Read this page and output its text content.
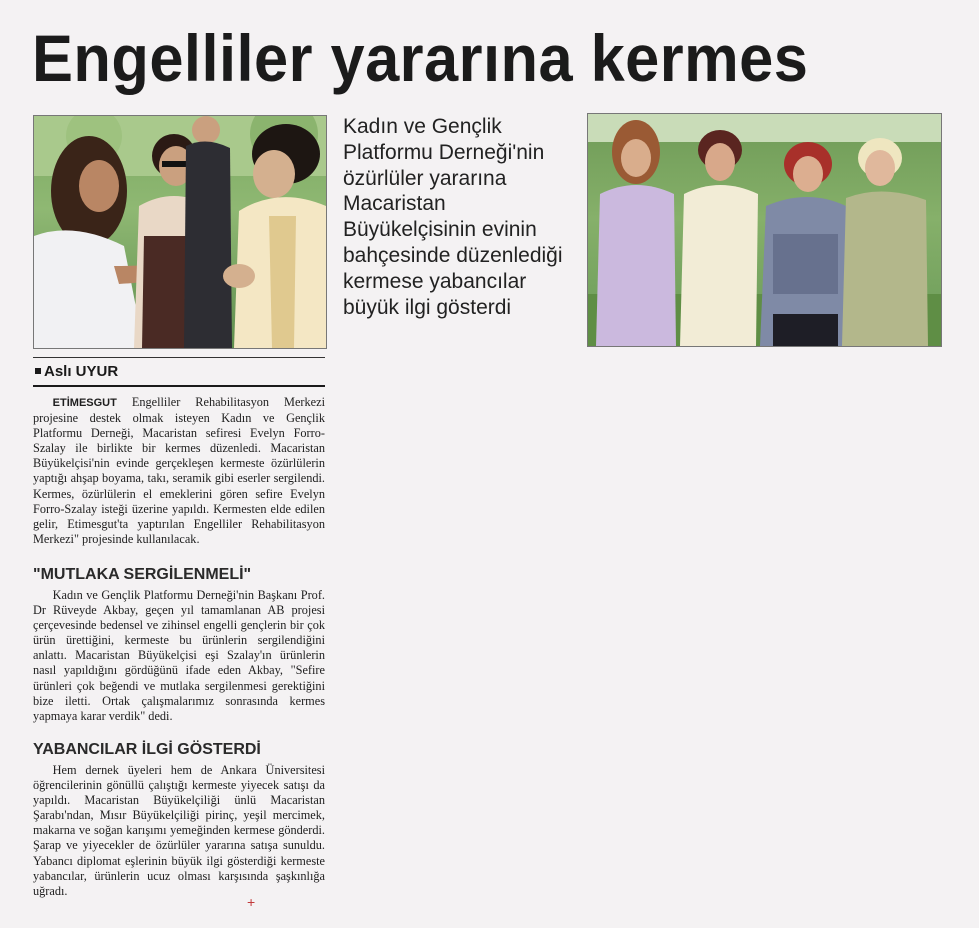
Engelliler yararına kermes
Kadın ve Gençlik
Platformu Derneği'nin
özürlüler yararına
Macaristan
Büyükelçisinin evinin
bahçesinde düzenlediği
kermese yabancılar
büyük ilgi gösterdi
Aslı UYUR
ETİMESGUT Engelliler Rehabilitasyon Merkezi projesine destek olmak isteyen Kadın ve Gençlik Platformu Derneği, Macaristan sefiresi Evelyn Forro-Szalay ile birlikte bir kermes düzenledi. Macaristan Büyükelçisi'nin evinde gerçekleşen kermeste özürlülerin yaptığı ahşap boyama, takı, seramik gibi eserler sergilendi. Kermes, özürlülerin el emeklerini gören sefire Evelyn Forro-Szalay isteği üzerine yapıldı. Kermesten elde edilen gelir, Etimesgut'ta yaptırılan Engelliler Rehabilitasyon Merkezi" projesinde kullanılacak.
"MUTLAKA SERGİLENMELİ"
Kadın ve Gençlik Platformu Derneği'nin Başkanı Prof. Dr Rüveyde Akbay, geçen yıl tamamlanan AB projesi çerçevesinde bedensel ve zihinsel engelli gençlerin bir çok ürün ürettiğini, kermeste bu ürünlerin sergilendiğini anlattı. Macaristan Büyükelçisi eşi Szalay'ın ürünlerin nasıl yapıldığını gördüğünü ifade eden Akbay, "Sefire ürünleri çok beğendi ve mutlaka sergilenmesi gerektiğini bize iletti. Ortak çalışmalarımız sonrasında kermes yapmaya karar verdik" dedi.
YABANCILAR İLGİ GÖSTERDİ
Hem dernek üyeleri hem de Ankara Üniversitesi öğrencilerinin gönüllü çalıştığı kermeste yiyecek satışı da yapıldı. Macaristan Büyükelçiliği ünlü Macaristan Şarabı'ndan, Mısır Büyükelçiliği pirinç, yeşil mercimek, makarna ve soğan karışımı yemeğinden kermese gönderdi. Şarap ve yiyecekler de özürlüler yararına satışa sunuldu. Yabancı diplomat eşlerinin büyük ilgi gösterdiği kermeste yabancılar, ürünlerin ucuz olması karşısında şaşkınlığa uğradı.
+
